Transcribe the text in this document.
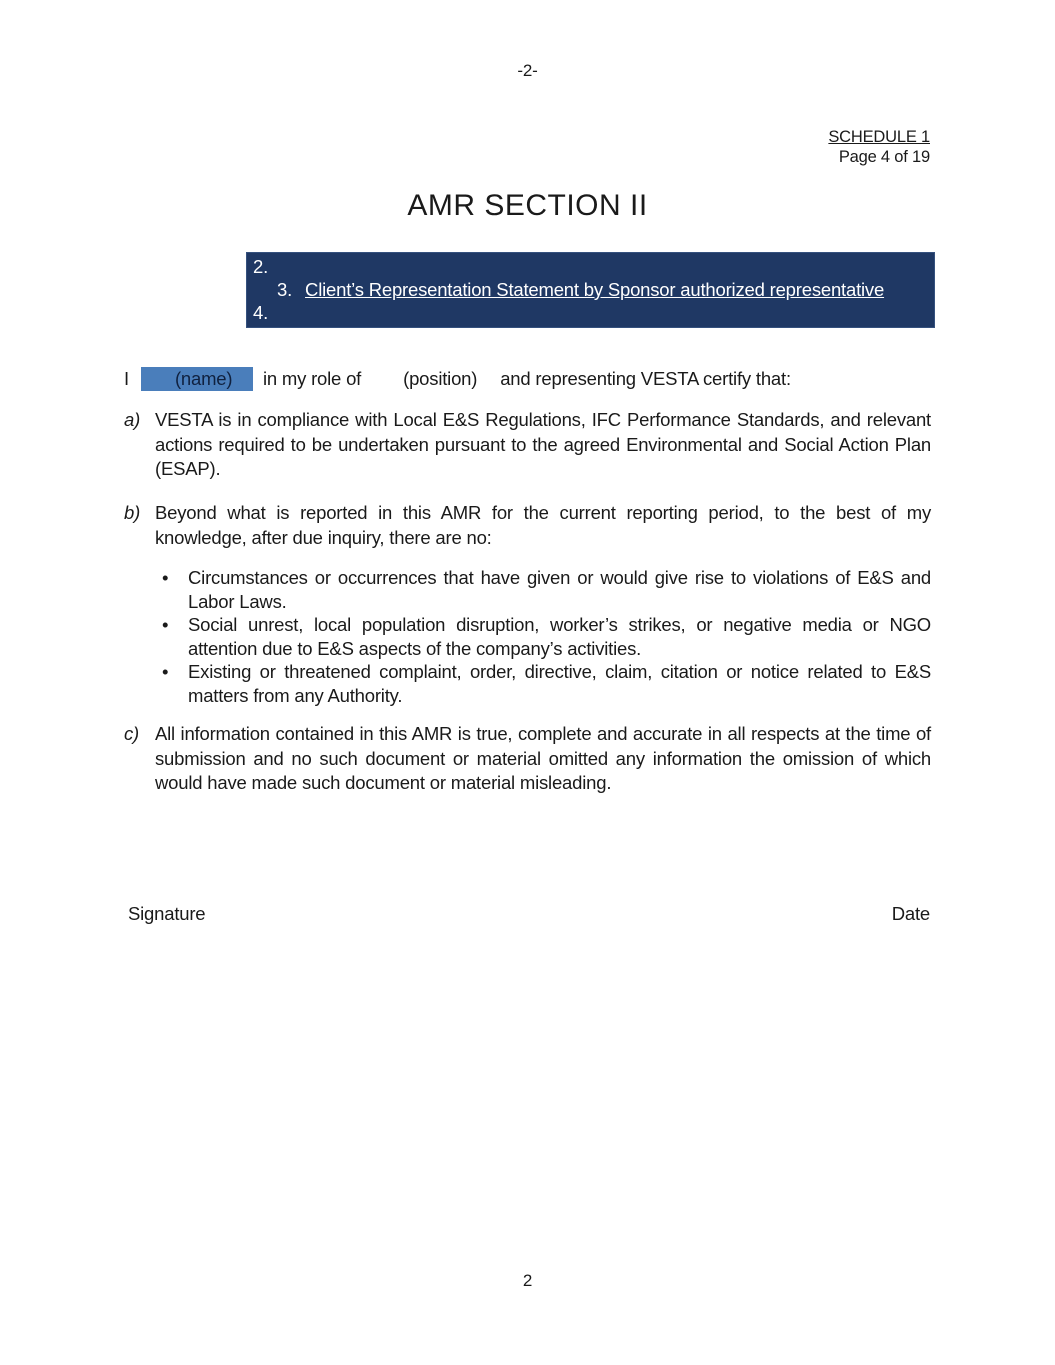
-2-
SCHEDULE 1
Page 4 of 19
AMR SECTION II
2.
3. Client’s Representation Statement by Sponsor authorized representative
4.
I (name) in my role of (position) and representing VESTA certify that:
a) VESTA is in compliance with Local E&S Regulations, IFC Performance Standards, and relevant actions required to be undertaken pursuant to the agreed Environmental and Social Action Plan (ESAP).
b) Beyond what is reported in this AMR for the current reporting period, to the best of my knowledge, after due inquiry, there are no:
• Circumstances or occurrences that have given or would give rise to violations of E&S and Labor Laws.
• Social unrest, local population disruption, worker’s strikes, or negative media or NGO attention due to E&S aspects of the company’s activities.
• Existing or threatened complaint, order, directive, claim, citation or notice related to E&S matters from any Authority.
c) All information contained in this AMR is true, complete and accurate in all respects at the time of submission and no such document or material omitted any information the omission of which would have made such document or material misleading.
Signature	Date
2
